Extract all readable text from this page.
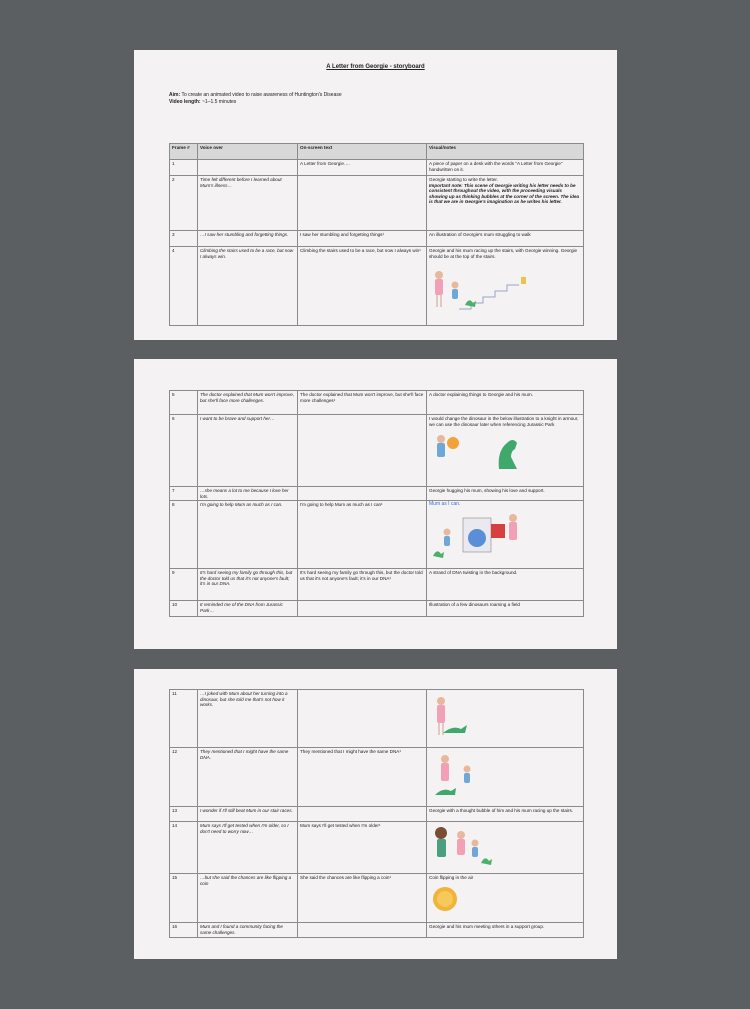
A Letter from Georgie - storyboard
Aim: To create an animated video to raise awareness of Huntington's Disease
Video length: ~1–1.5 minutes
Frame #	Voice over	On-screen text	Visual/notes
1		A Letter from Georgie….	A piece of paper on a desk with the words "A Letter from Georgie" handwritten on it.
2	Time felt different before I learned about Mum's illness…		Georgie starting to write the letter.
Important note: This scene of Georgie writing his letter needs to be consistent throughout the video, with the proceeding visuals showing up as thinking bubbles at the corner of the screen. The idea is that we are in Georgie's imagination as he writes his letter.

3	…I saw her stumbling and forgetting things.	I saw her stumbling and forgetting things¹	An illustration of Georgie's mum struggling to walk
4	Climbing the stairs used to be a race, but now I always win.	Climbing the stairs used to be a race, but now I always win¹	Georgie and his mum racing up the stairs, with Georgie winning. Georgie should be at the top of the stairs.
5	The doctor explained that Mum won't improve, but she'll face more challenges.	The doctor explained that Mum won't improve, but she'll face more challenges¹	A doctor explaining things to Georgie and his mum.
6	I want to be brave and support her…		I would change the dinosaur in the below illustration to a knight in armour, we can use the dinosaur later when referencing Jurassic Park

7	…she means a lot to me because I love her lots.		Georgie hugging his mum, showing his love and support.
8	I'm going to help Mum as much as I can.	I'm going to help Mum as much as I can¹	Mum as I can.

9	It's hard seeing my family go through this, but the doctor told us that it's not anyone's fault; it's in our DNA.	It's hard seeing my family go through this, but the doctor told us that it's not anyone's fault; it's in our DNA¹	A strand of DNA twisting in the background.
10	It reminded me of the DNA from Jurassic Park…		Illustration of a few dinosaurs roaming a field
11	…I joked with Mum about her turning into a dinosaur, but she told me that's not how it works.		

12	They mentioned that I might have the same DNA.	They mentioned that I might have the same DNA¹	

13	I wonder if I'll still beat Mum in our stair races.		Georgie with a thought bubble of him and his mum racing up the stairs.
14	Mum says I'll get tested when I'm older, so I don't need to worry now…	Mum says I'll get tested when I'm older¹	

15	…but she said the chances are like flipping a coin	She said the chances are like flipping a coin¹	Coin flipping in the air

16	Mum and I found a community facing the same challenges.		Georgie and his mum meeting others in a support group.
